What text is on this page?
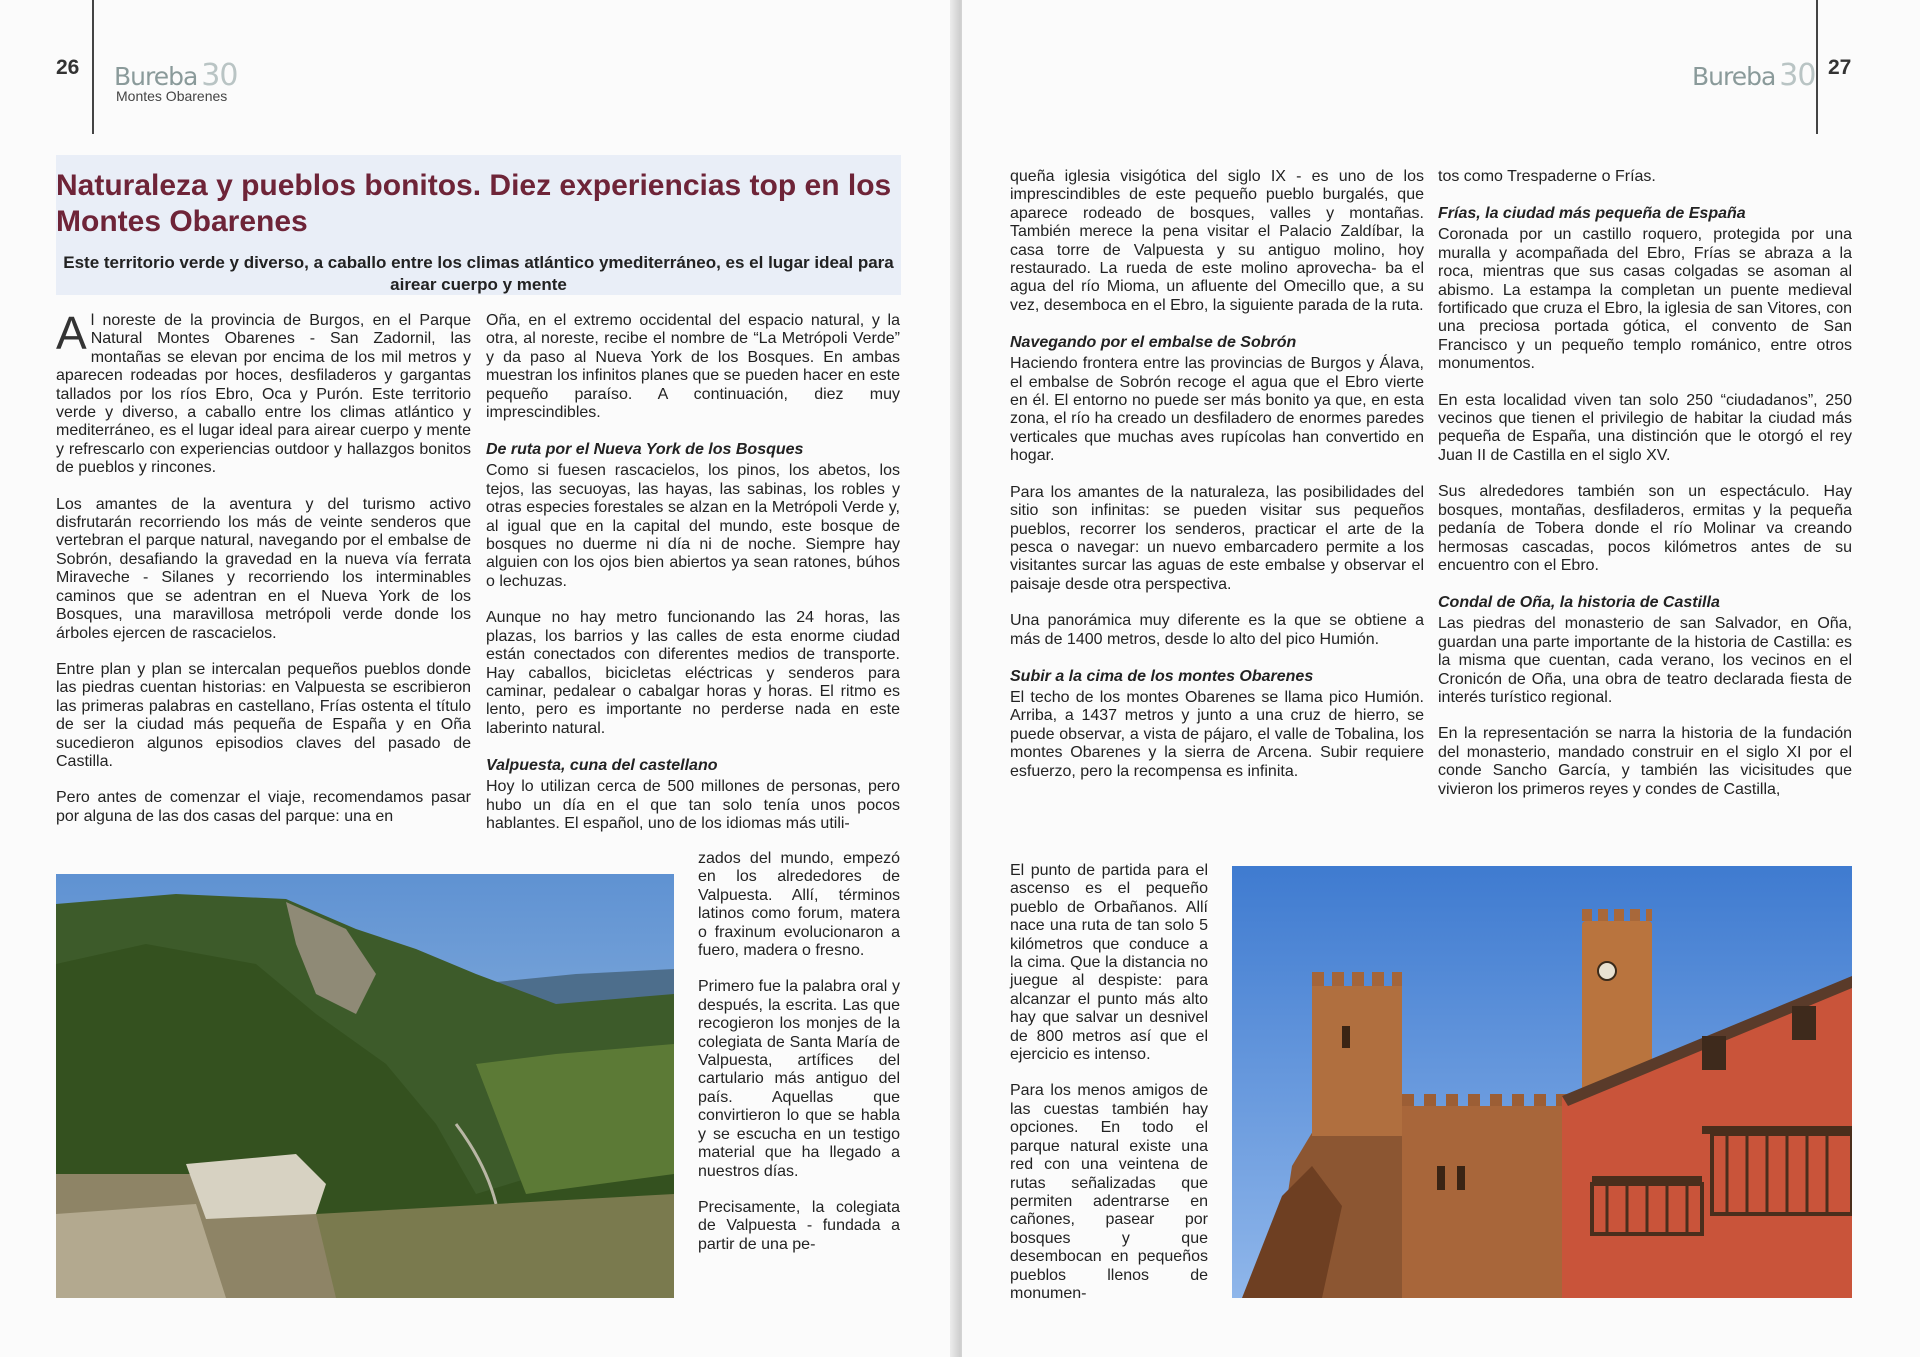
26 Bureba 30
Montes Obarenes
Naturaleza y pueblos bonitos. Diez experiencias top en los Montes Obarenes
Este territorio verde y diverso, a caballo entre los climas atlántico ymediterráneo, es el lugar ideal para airear cuerpo y mente

Al noreste de la provincia de Burgos, en el Parque Natural Montes Obarenes - San Zadornil, las montañas se elevan por encima de los mil metros y aparecen rodeadas por hoces, desfiladeros y gargantas tallados por los ríos Ebro, Oca y Purón. Este territorio verde y diverso, a caballo entre los climas atlántico y mediterráneo, es el lugar ideal para airear cuerpo y mente y refrescarlo con experiencias outdoor y hallazgos bonitos de pueblos y rincones.

Los amantes de la aventura y del turismo activo disfrutarán recorriendo los más de veinte senderos que vertebran el parque natural, navegando por el embalse de Sobrón, desafiando la gravedad en la nueva vía ferrata Miraveche - Silanes y recorriendo los interminables caminos que se adentran en el Nueva York de los Bosques, una maravillosa metrópoli verde donde los árboles ejercen de rascacielos.

Entre plan y plan se intercalan pequeños pueblos donde las piedras cuentan historias: en Valpuesta se escribieron las primeras palabras en castellano, Frías ostenta el título de ser la ciudad más pequeña de España y en Oña sucedieron algunos episodios claves del pasado de Castilla.

Pero antes de comenzar el viaje, recomendamos pasar por alguna de las dos casas del parque: una en

Oña, en el extremo occidental del espacio natural, y la otra, al noreste, recibe el nombre de “La Metrópoli Verde” y da paso al Nueva York de los Bosques. En ambas muestran los infinitos planes que se pueden hacer en este pequeño paraíso. A continuación, diez muy imprescindibles.

De ruta por el Nueva York de los Bosques

Como si fuesen rascacielos, los pinos, los abetos, los tejos, las secuoyas, las hayas, las sabinas, los robles y otras especies forestales se alzan en la Metrópoli Verde y, al igual que en la capital del mundo, este bosque de bosques no duerme ni día ni de noche. Siempre hay alguien con los ojos bien abiertos ya sean ratones, búhos o lechuzas.

Aunque no hay metro funcionando las 24 horas, las plazas, los barrios y las calles de esta enorme ciudad están conectados con diferentes medios de transporte. Hay caballos, bicicletas eléctricas y senderos para caminar, pedalear o cabalgar horas y horas. El ritmo es lento, pero es importante no perderse nada en este laberinto natural.

Valpuesta, cuna del castellano

Hoy lo utilizan cerca de 500 millones de personas, pero hubo un día en el que tan solo tenía unos pocos hablantes. El español, uno de los idiomas más utili-

zados del mundo, empezó en los alrededores de Valpuesta. Allí, términos latinos como forum, matera o fraxinum evolucionaron a fuero, madera o fresno.

Primero fue la palabra oral y después, la escrita. Las que recogieron los monjes de la colegiata de Santa María de Valpuesta, artífices del cartulario más antiguo del país. Aquellas que convirtieron lo que se habla y se escucha en un testigo material que ha llegado a nuestros días.

Precisamente, la colegiata de Valpuesta - fundada a partir de una pe-

Bureba 30 27

queña iglesia visigótica del siglo IX - es uno de los imprescindibles de este pequeño pueblo burgalés, que aparece rodeado de bosques, valles y montañas. También merece la pena visitar el Palacio Zaldíbar, la casa torre de Valpuesta y su antiguo molino, hoy restaurado. La rueda de este molino aprovecha- ba el agua del río Mioma, un afluente del Omecillo que, a su vez, desemboca en el Ebro, la siguiente parada de la ruta.

Navegando por el embalse de Sobrón

Haciendo frontera entre las provincias de Burgos y Álava, el embalse de Sobrón recoge el agua que el Ebro vierte en él. El entorno no puede ser más bonito ya que, en esta zona, el río ha creado un desfiladero de enormes paredes verticales que muchas aves rupícolas han convertido en hogar.

Para los amantes de la naturaleza, las posibilidades del sitio son infinitas: se pueden visitar sus pequeños pueblos, recorrer los senderos, practicar el arte de la pesca o navegar: un nuevo embarcadero permite a los visitantes surcar las aguas de este embalse y observar el paisaje desde otra perspectiva.

Una panorámica muy diferente es la que se obtiene a más de 1400 metros, desde lo alto del pico Humión.

Subir a la cima de los montes Obarenes

El techo de los montes Obarenes se llama pico Humión. Arriba, a 1437 metros y junto a una cruz de hierro, se puede observar, a vista de pájaro, el valle de Tobalina, los montes Obarenes y la sierra de Arcena. Subir requiere esfuerzo, pero la recompensa es infinita.

El punto de partida para el ascenso es el pequeño pueblo de Orbañanos. Allí nace una ruta de tan solo 5 kilómetros que conduce a la cima. Que la distancia no juegue al despiste: para alcanzar el punto más alto hay que salvar un desnivel de 800 metros así que el ejercicio es intenso.

Para los menos amigos de las cuestas también hay opciones. En todo el parque natural existe una red con una veintena de rutas señalizadas que permiten adentrarse en cañones, pasear por bosques y que desembocan en pequeños pueblos llenos de monumen-

tos como Trespaderne o Frías.

Frías, la ciudad más pequeña de España

Coronada por un castillo roquero, protegida por una muralla y acompañada del Ebro, Frías se abraza a la roca, mientras que sus casas colgadas se asoman al abismo. La estampa la completan un puente medieval fortificado que cruza el Ebro, la iglesia de san Vitores, con una preciosa portada gótica, el convento de San Francisco y un pequeño templo románico, entre otros monumentos.

En esta localidad viven tan solo 250 “ciudadanos”, 250 vecinos que tienen el privilegio de habitar la ciudad más pequeña de España, una distinción que le otorgó el rey Juan II de Castilla en el siglo XV.

Sus alrededores también son un espectáculo. Hay bosques, montañas, desfiladeros, ermitas y la pequeña pedanía de Tobera donde el río Molinar va creando hermosas cascadas, pocos kilómetros antes de su encuentro con el Ebro.

Condal de Oña, la historia de Castilla

Las piedras del monasterio de san Salvador, en Oña, guardan una parte importante de la historia de Castilla: es la misma que cuentan, cada verano, los vecinos en el Cronicón de Oña, una obra de teatro declarada fiesta de interés turístico regional.

En la representación se narra la historia de la fundación del monasterio, mandado construir en el siglo XI por el conde Sancho García, y también las vicisitudes que vivieron los primeros reyes y condes de Castilla,
